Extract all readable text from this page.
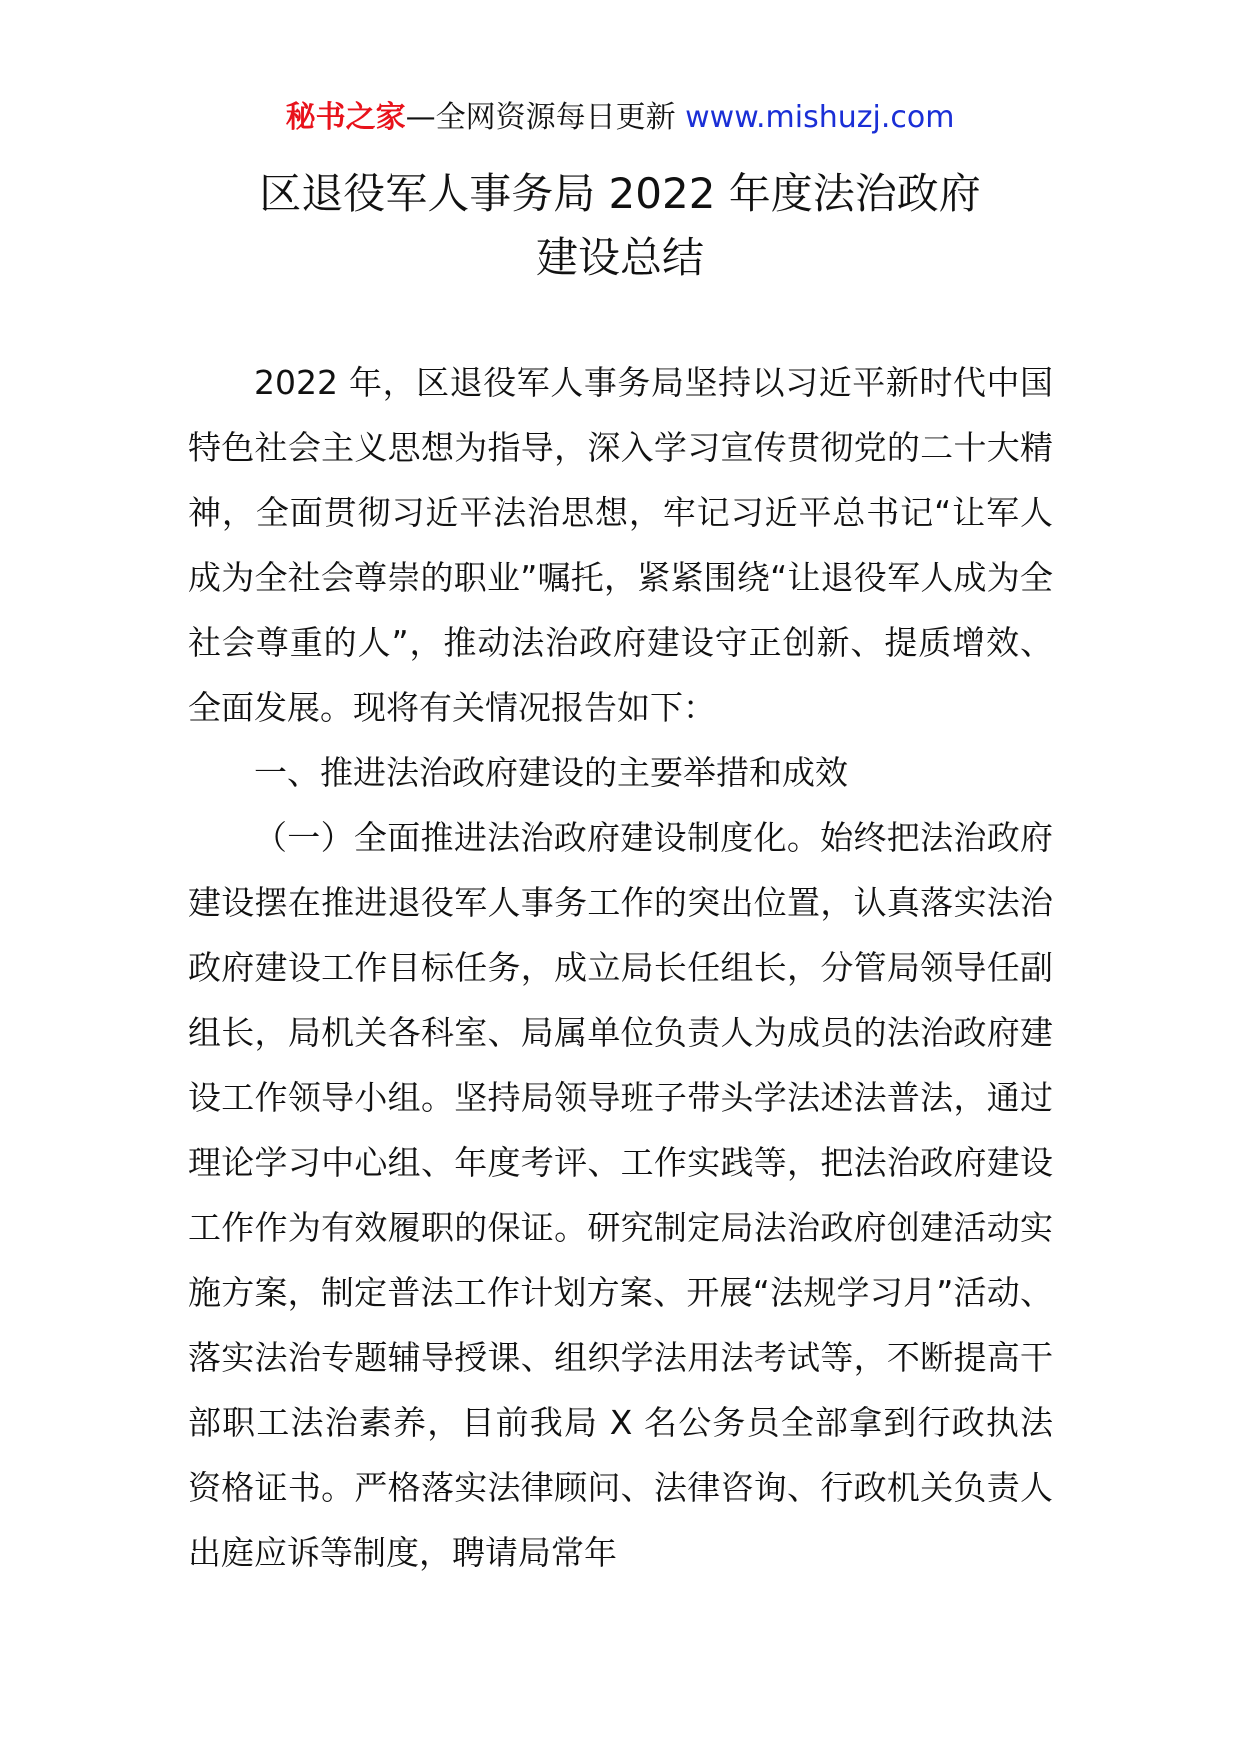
秘书之家—全网资源每日更新 www.mishuzj.com
区退役军人事务局 2022 年度法治政府
建设总结

2022 年，区退役军人事务局坚持以习近平新时代中国特色社会主义思想为指导，深入学习宣传贯彻党的二十大精神，全面贯彻习近平法治思想，牢记习近平总书记“让军人成为全社会尊崇的职业”嘱托，紧紧围绕“让退役军人成为全社会尊重的人”，推动法治政府建设守正创新、提质增效、全面发展。现将有关情况报告如下：

一、推进法治政府建设的主要举措和成效

（一）全面推进法治政府建设制度化。始终把法治政府建设摆在推进退役军人事务工作的突出位置，认真落实法治政府建设工作目标任务，成立局长任组长，分管局领导任副组长，局机关各科室、局属单位负责人为成员的法治政府建设工作领导小组。坚持局领导班子带头学法述法普法，通过理论学习中心组、年度考评、工作实践等，把法治政府建设工作作为有效履职的保证。研究制定局法治政府创建活动实施方案，制定普法工作计划方案、开展“法规学习月”活动、落实法治专题辅导授课、组织学法用法考试等，不断提高干部职工法治素养，目前我局 X 名公务员全部拿到行政执法资格证书。严格落实法律顾问、法律咨询、行政机关负责人出庭应诉等制度，聘请局常年
